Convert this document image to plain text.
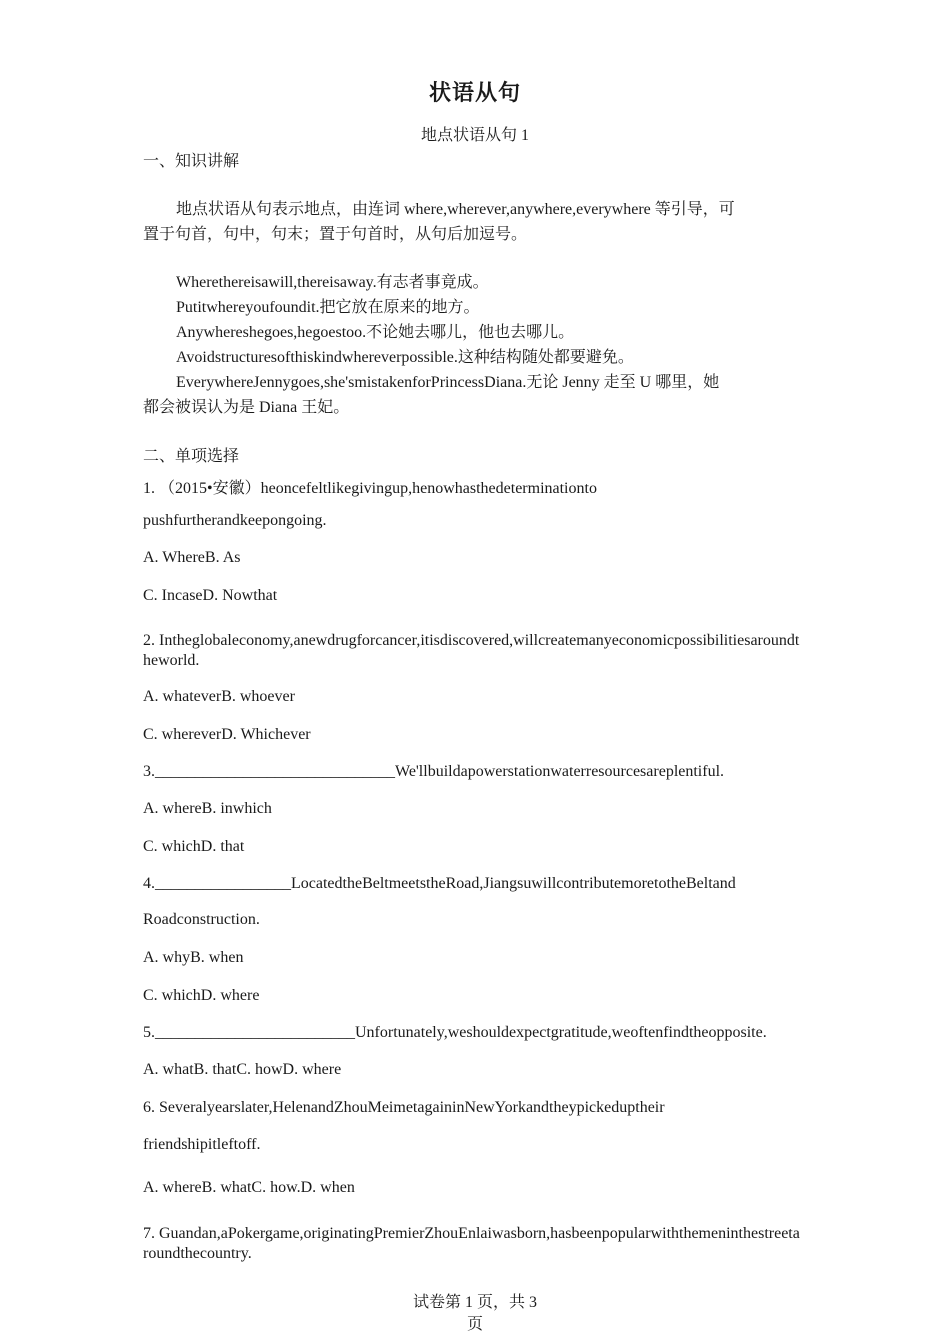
状语从句
地点状语从句 1
一、知识讲解
地点状语从句表示地点，由连词 where,wherever,anywhere,everywhere 等引导，可
置于句首，句中，句末；置于句首时，从句后加逗号。
Wherethereisawill,thereisaway.有志者事竟成。
Putitwhereyoufoundit.把它放在原来的地方。
Anywhereshegoes,hegoestoo.不论她去哪儿，他也去哪儿。
Avoidstructuresofthiskindwhereverpossible.这种结构随处都要避免。
EverywhereJennygoes,she'smistakenforPrincessDiana.无论 Jenny 走至 U 哪里，她
都会被误认为是 Diana 王妃。
二、单项选择
1. （2015•安徽）heoncefeltlikegivingup,henowhasthedeterminationto
pushfurtherandkeepongoing.
A. WhereB. As
C. IncaseD. Nowthat
2. Intheglobaleconomy,anewdrugforcancer,itisdiscovered,willcreatemanyeconomicpossibilitiesaroundtheworld.
A. whateverB. whoever
C. whereverD. Whichever
3.______________________________We'llbuildapowerstationwaterresourcesareplentiful.
A. whereB. inwhich
C. whichD. that
4._________________LocatedtheBeltmeetstheRoad,JiangsuwillcontributemoretotheBeltand
Roadconstruction.
A. whyB. when
C. whichD. where
5._________________________Unfortunately,weshouldexpectgratitude,weoftenfindtheopposite.
A. whatB. thatC. howD. where
6. Severalyearslater,HelenandZhouMeimetagaininNewYorkandtheypickeduptheir
friendshipitleftoff.
A. whereB. whatC. how.D. when
7. Guandan,aPokergame,originatingPremierZhouEnlaiwasborn,hasbeenpopularwiththemeninthestreetaroundthecountry.
试卷第 1 页，共 3
页
